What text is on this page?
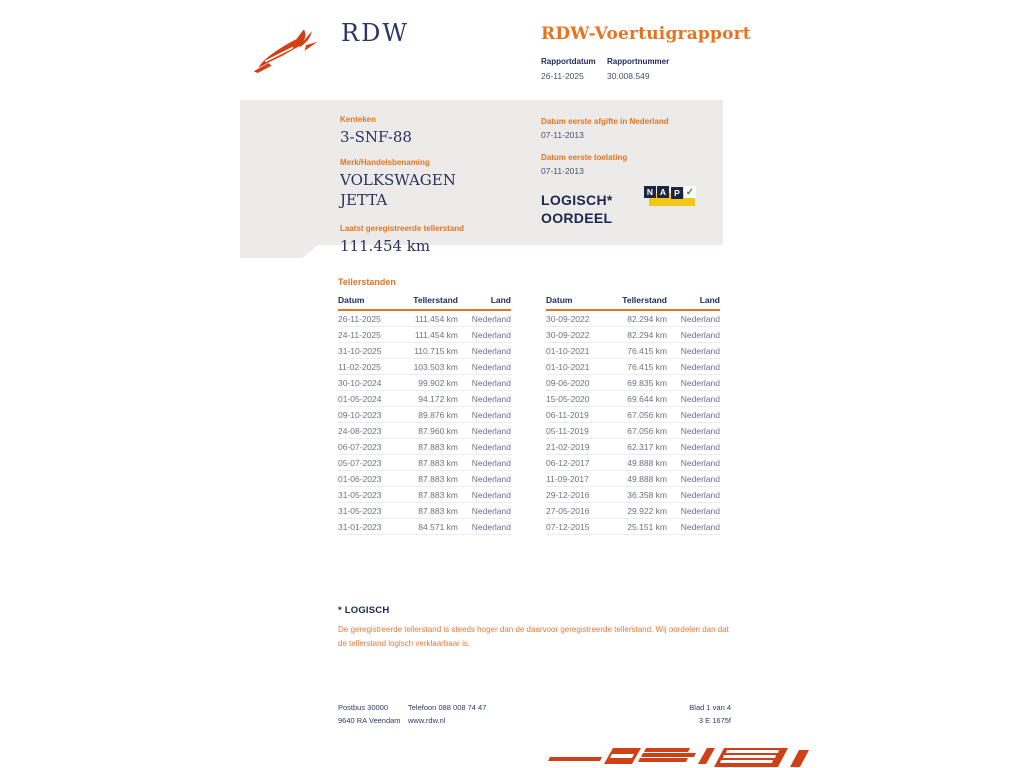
RDW	RDW-Voertuigrapport
Rapportdatum
26-11-2025
Rapportnummer
30.008.549
Kenteken
3-SNF-88
Merk/Handelsbenaming
VOLKSWAGEN
JETTA
Laatst geregistreerde tellerstand
111.454 km
Datum eerste afgifte in Nederland
07-11-2013
Datum eerste toelating
07-11-2013
LOGISCH*
OORDEEL
N A P ✓
Tellerstanden
Datum	Tellerstand	Land
26-11-2025	111.454 km	Nederland
24-11-2025	111.454 km	Nederland
31-10-2025	110.715 km	Nederland
11-02-2025	103.503 km	Nederland
30-10-2024	99.902 km	Nederland
01-05-2024	94.172 km	Nederland
09-10-2023	89.876 km	Nederland
24-08-2023	87.960 km	Nederland
06-07-2023	87.883 km	Nederland
05-07-2023	87.883 km	Nederland
01-06-2023	87.883 km	Nederland
31-05-2023	87.883 km	Nederland
31-05-2023	87.883 km	Nederland
31-01-2023	84.571 km	Nederland
Datum	Tellerstand	Land
30-09-2022	82.294 km	Nederland
30-09-2022	82.294 km	Nederland
01-10-2021	76.415 km	Nederland
01-10-2021	76.415 km	Nederland
09-06-2020	69.835 km	Nederland
15-05-2020	69.644 km	Nederland
06-11-2019	67.056 km	Nederland
05-11-2019	67.056 km	Nederland
21-02-2019	62.317 km	Nederland
06-12-2017	49.888 km	Nederland
11-09-2017	49.888 km	Nederland
29-12-2016	36.358 km	Nederland
27-05-2016	29.922 km	Nederland
07-12-2015	25.151 km	Nederland
* LOGISCH

De geregistreerde tellerstand is steeds hoger dan de daarvoor geregistreerde tellerstand. Wij oordelen dan dat de tellerstand logisch verklaarbaar is.

Postbus 30000
9640 RA Veendam
Telefoon 088 008 74 47
www.rdw.nl
Blad 1 van 4
3 E 1675f
